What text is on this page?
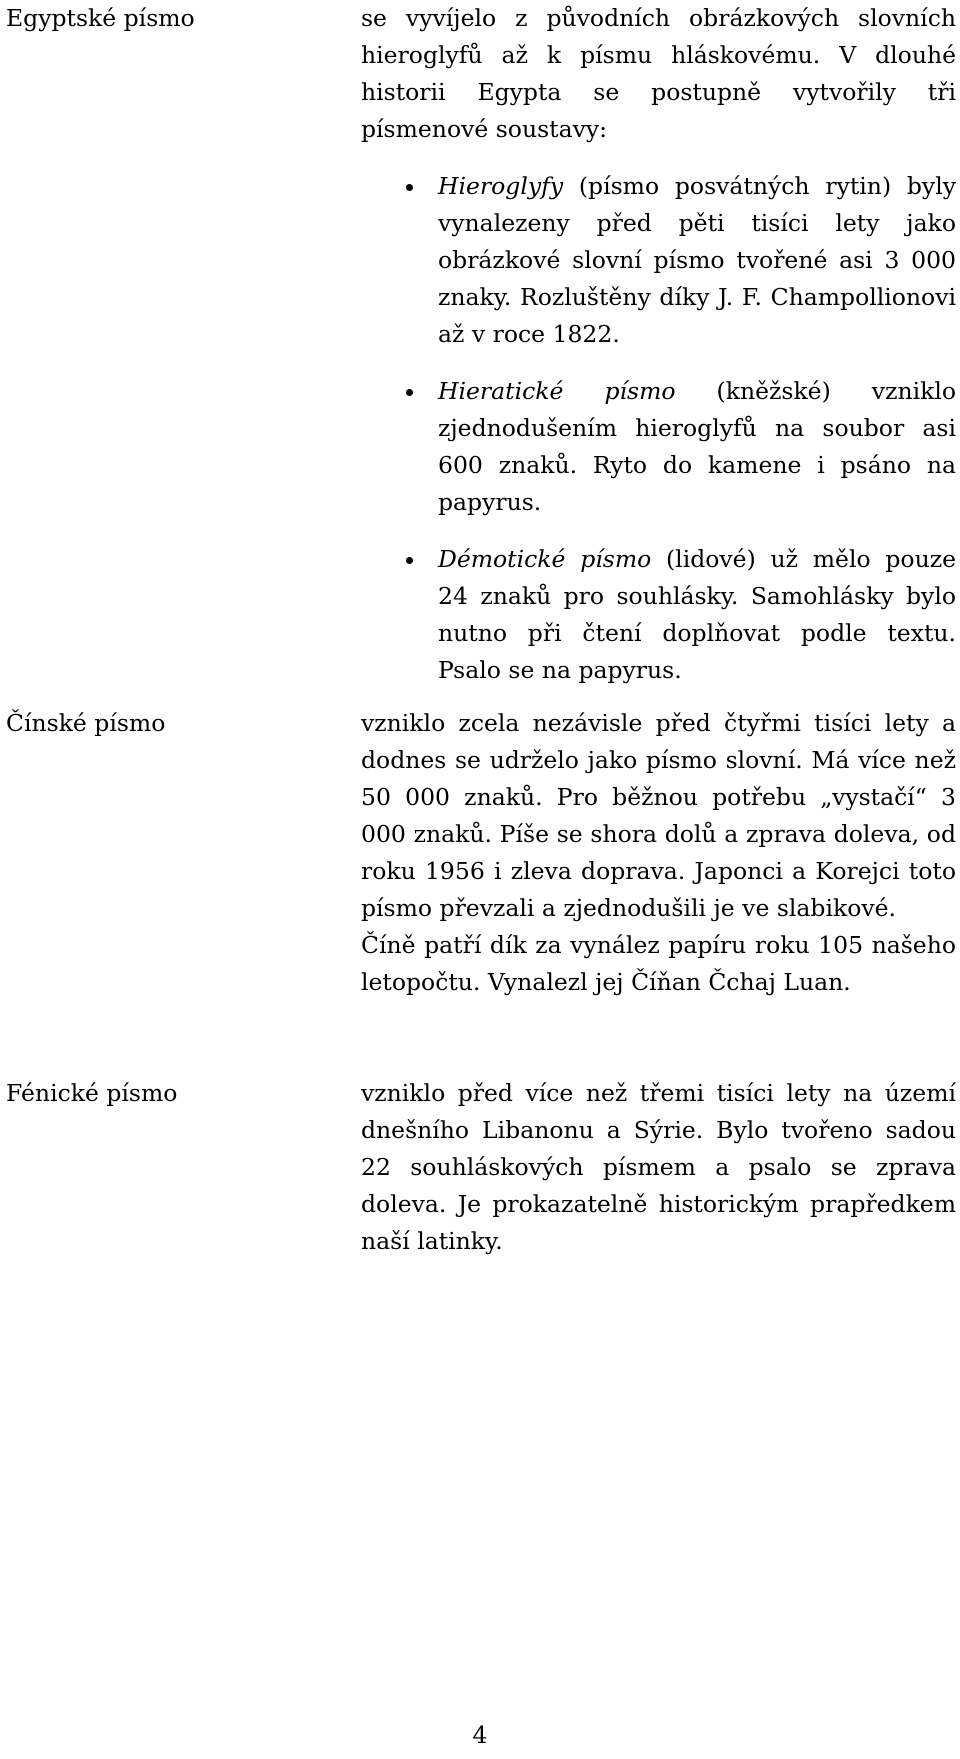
Egyptské písmo	se vyvíjelo z původních obrázkových slovních hieroglyfů až k písmu hláskovému. V dlouhé historii Egypta se postupně vytvořily tři písmenové soustavy:

Hieroglyfy (písmo posvátných rytin) byly vynalezeny před pěti tisíci lety jako obrázkové slovní písmo tvořené asi 3 000 znaky. Rozluštěny díky J. F. Champollionovi až v roce 1822.
Hieratické písmo (kněžské) vzniklo zjednodušením hieroglyfů na soubor asi 600 znaků. Ryto do kamene i psáno na papyrus.
Démotické písmo (lidové) už mělo pouze 24 znaků pro souhlásky. Samohlásky bylo nutno při čtení doplňovat podle textu. Psalo se na papyrus.
Čínské písmo	vzniklo zcela nezávisle před čtyřmi tisíci lety a dodnes se udrželo jako písmo slovní. Má více než 50 000 znaků. Pro běžnou potřebu „vystačí“ 3 000 znaků. Píše se shora dolů a zprava doleva, od roku 1956 i zleva doprava. Japonci a Korejci toto písmo převzali a zjednodušili je ve slabikové.

Číně patří dík za vynález papíru roku 105 našeho letopočtu. Vynalezl jej Číňan Čchaj Luan.

Fénické písmo	vzniklo před více než třemi tisíci lety na území dnešního Libanonu a Sýrie. Bylo tvořeno sadou 22 souhláskových písmem a psalo se zprava doleva. Je prokazatelně historickým prapředkem naší latinky.

4
